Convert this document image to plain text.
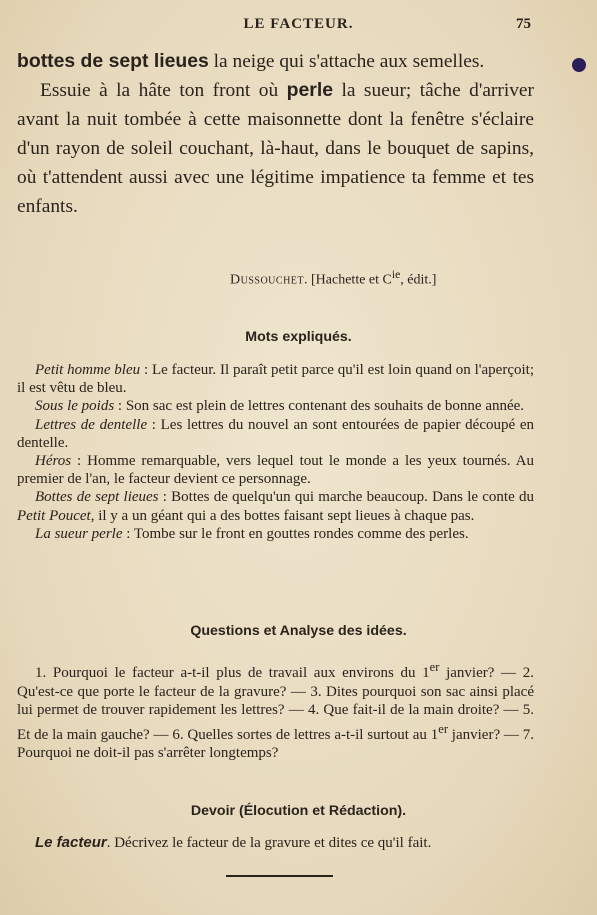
LE FACTEUR.	75

bottes de sept lieues la neige qui s'attache aux semelles.

Essuie à la hâte ton front où perle la sueur; tâche d'arriver avant la nuit tombée à cette maisonnette dont la fenêtre s'éclaire d'un rayon de soleil couchant, là-haut, dans le bouquet de sapins, où t'attendent aussi avec une légitime impatience ta femme et tes enfants.

Dussouchet. [Hachette et $C^{ie}$, édit.]
Mots expliqués.

Petit homme bleu : Le facteur. Il paraît petit parce qu'il est loin quand on l'aperçoit; il est vêtu de bleu.

Sous le poids : Son sac est plein de lettres contenant des souhaits de bonne année.

Lettres de dentelle : Les lettres du nouvel an sont entourées de papier découpé en dentelle.

Héros : Homme remarquable, vers lequel tout le monde a les yeux tournés. Au premier de l'an, le facteur devient ce personnage.

Bottes de sept lieues : Bottes de quelqu'un qui marche beaucoup. Dans le conte du Petit Poucet, il y a un géant qui a des bottes faisant sept lieues à chaque pas.

La sueur perle : Tombe sur le front en gouttes rondes comme des perles.

Questions et Analyse des idées.
1. Pourquoi le facteur a-t-il plus de travail aux environs du 1er janvier? — 2. Qu'est-ce que porte le facteur de la gravure? — 3. Dites pourquoi son sac ainsi placé lui permet de trouver rapidement les lettres? — 4. Que fait-il de la main droite? — 5. Et de la main gauche? — 6. Quelles sortes de lettres a-t-il surtout au 1er janvier? — 7. Pourquoi ne doit-il pas s'arrêter longtemps?
Devoir (Élocution et Rédaction).
Le facteur. Décrivez le facteur de la gravure et dites ce qu'il fait.
